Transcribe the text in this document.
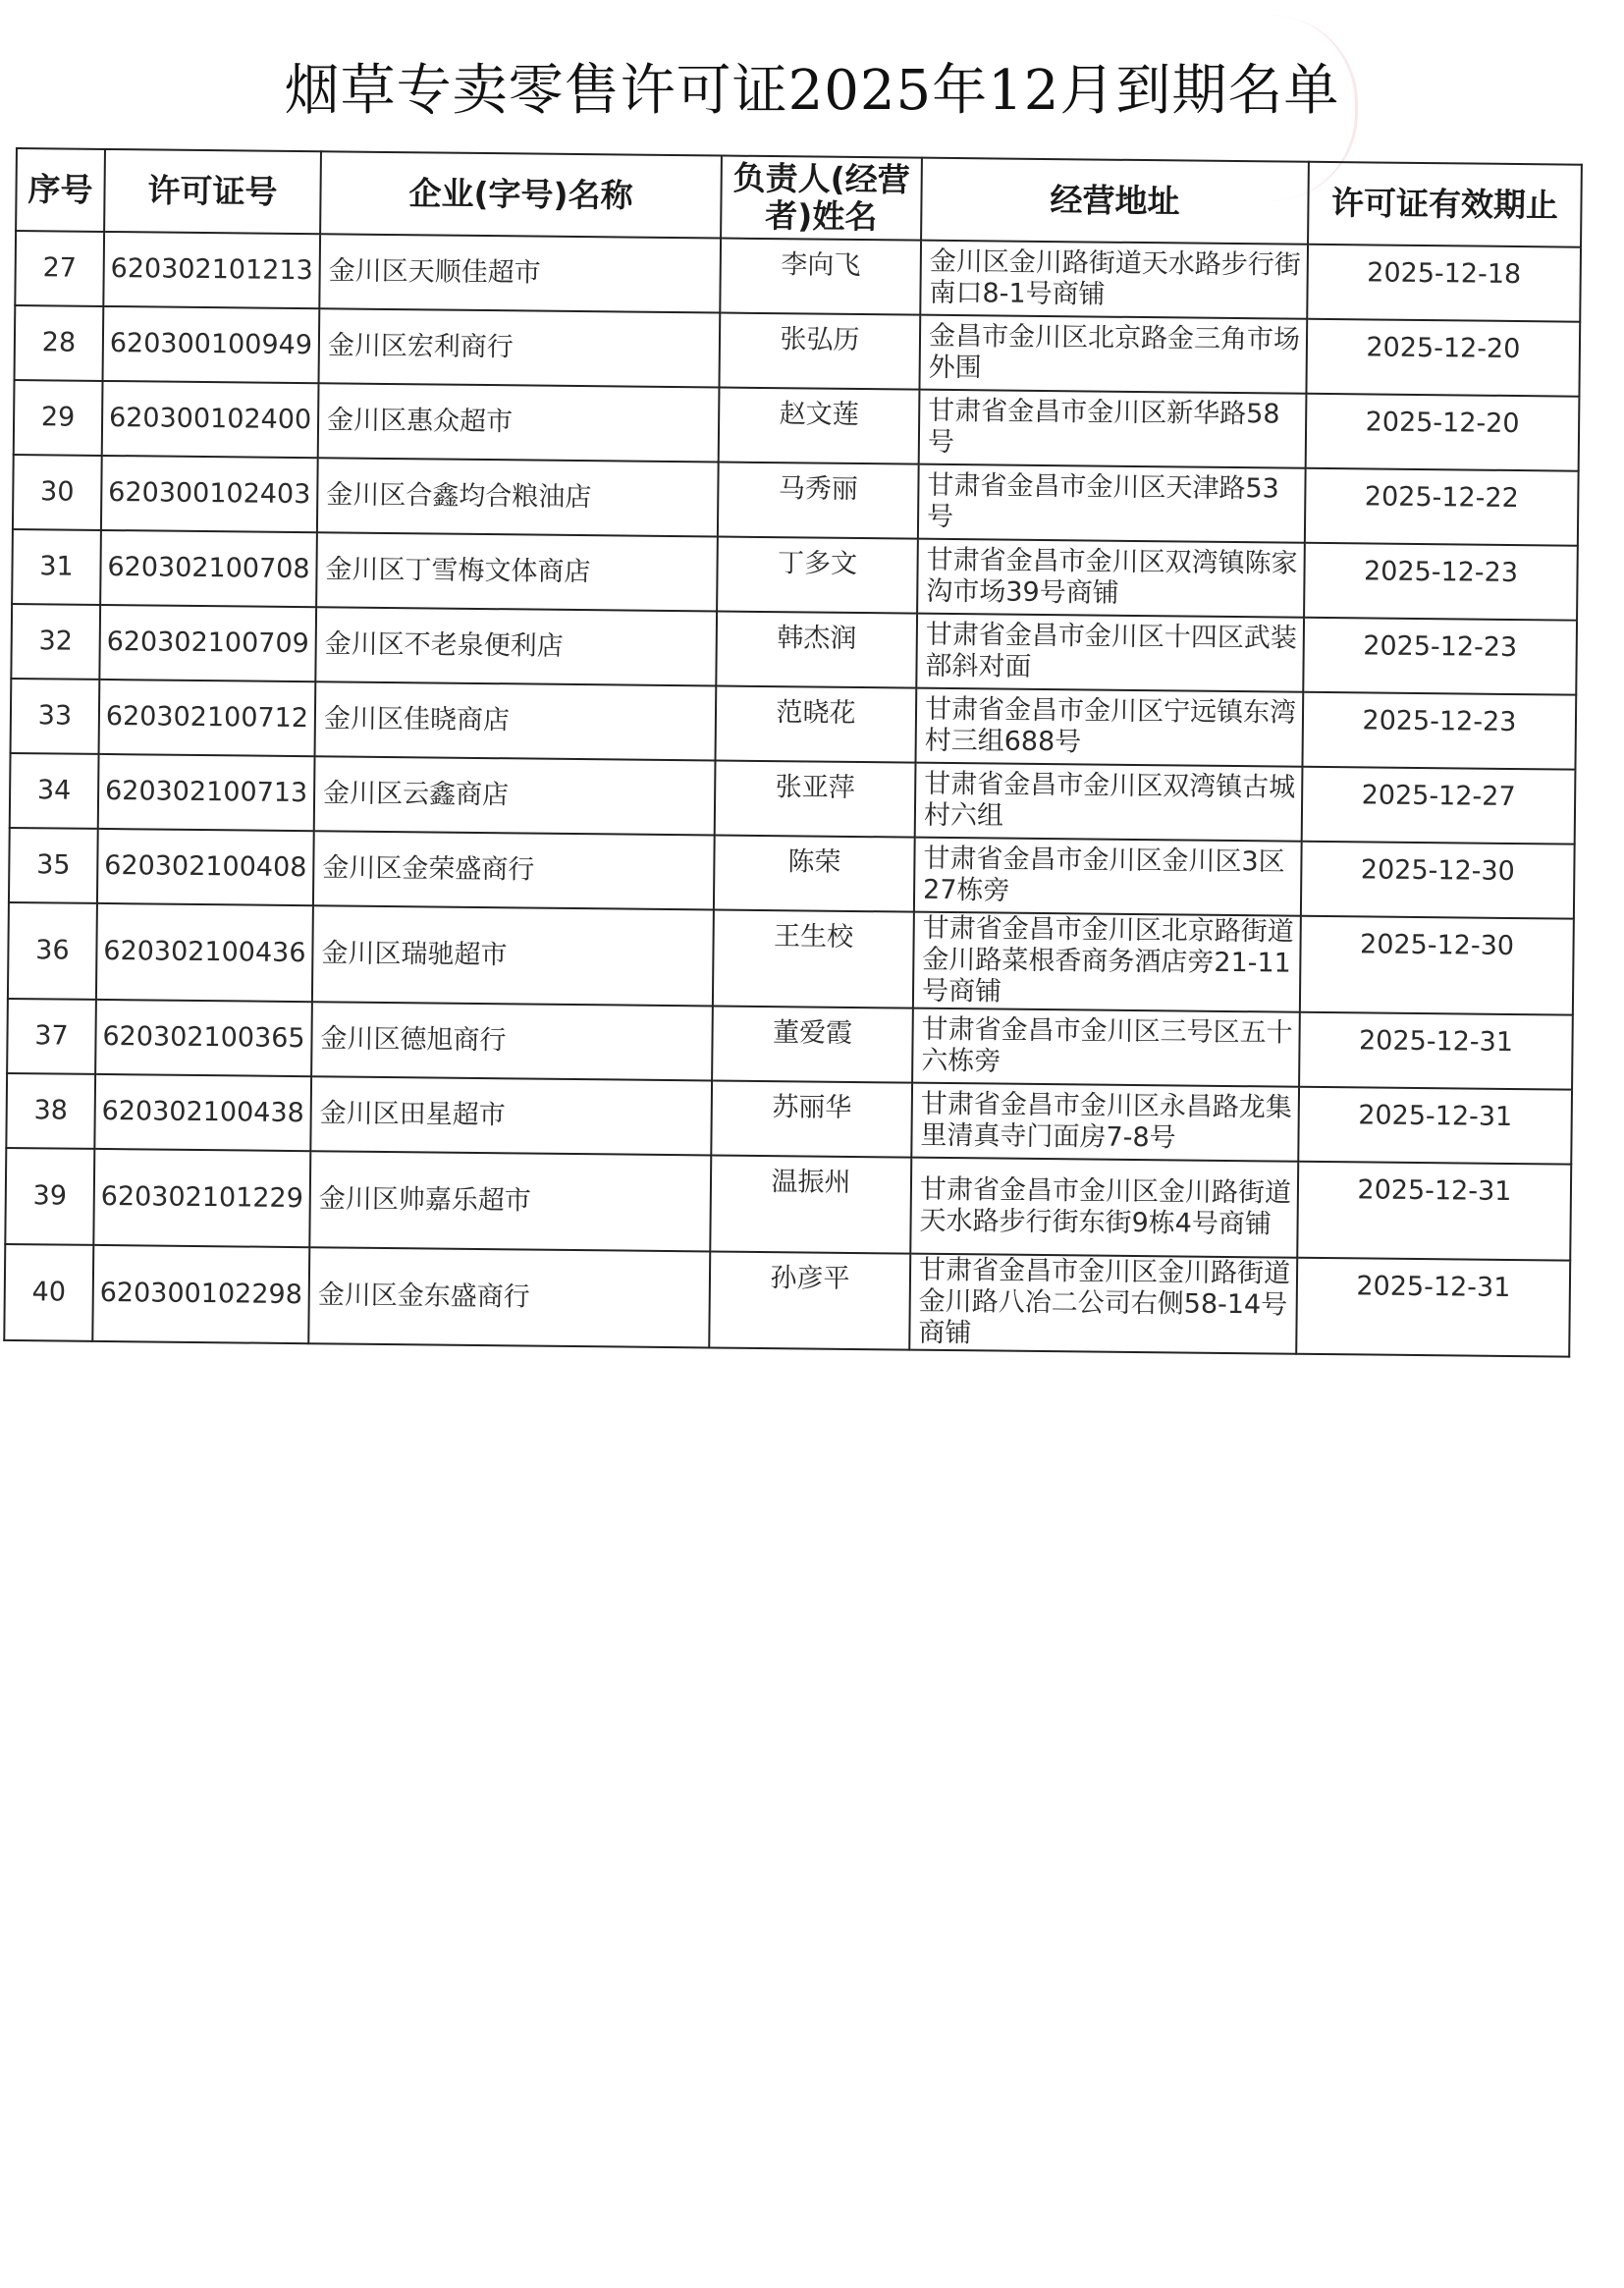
烟草专卖零售许可证2025年12月到期名单
序号	许可证号	企业(字号)名称	负责人(经营者)姓名	经营地址	许可证有效期止
27	620302101213	金川区天顺佳超市	李向飞	金川区金川路街道天水路步行街南口8-1号商铺	2025-12-18
28	620300100949	金川区宏利商行	张弘历	金昌市金川区北京路金三角市场外围	2025-12-20
29	620300102400	金川区惠众超市	赵文莲	甘肃省金昌市金川区新华路58号	2025-12-20
30	620300102403	金川区合鑫均合粮油店	马秀丽	甘肃省金昌市金川区天津路53号	2025-12-22
31	620302100708	金川区丁雪梅文体商店	丁多文	甘肃省金昌市金川区双湾镇陈家沟市场39号商铺	2025-12-23
32	620302100709	金川区不老泉便利店	韩杰润	甘肃省金昌市金川区十四区武装部斜对面	2025-12-23
33	620302100712	金川区佳晓商店	范晓花	甘肃省金昌市金川区宁远镇东湾村三组688号	2025-12-23
34	620302100713	金川区云鑫商店	张亚萍	甘肃省金昌市金川区双湾镇古城村六组	2025-12-27
35	620302100408	金川区金荣盛商行	陈荣	甘肃省金昌市金川区金川区3区27栋旁	2025-12-30
36	620302100436	金川区瑞驰超市	王生校	甘肃省金昌市金川区北京路街道金川路菜根香商务酒店旁21-11号商铺	2025-12-30
37	620302100365	金川区德旭商行	董爱霞	甘肃省金昌市金川区三号区五十六栋旁	2025-12-31
38	620302100438	金川区田星超市	苏丽华	甘肃省金昌市金川区永昌路龙集里清真寺门面房7-8号	2025-12-31
39	620302101229	金川区帅嘉乐超市	温振州	甘肃省金昌市金川区金川路街道天水路步行街东街9栋4号商铺	2025-12-31
40	620300102298	金川区金东盛商行	孙彦平	甘肃省金昌市金川区金川路街道金川路八冶二公司右侧58-14号商铺	2025-12-31
